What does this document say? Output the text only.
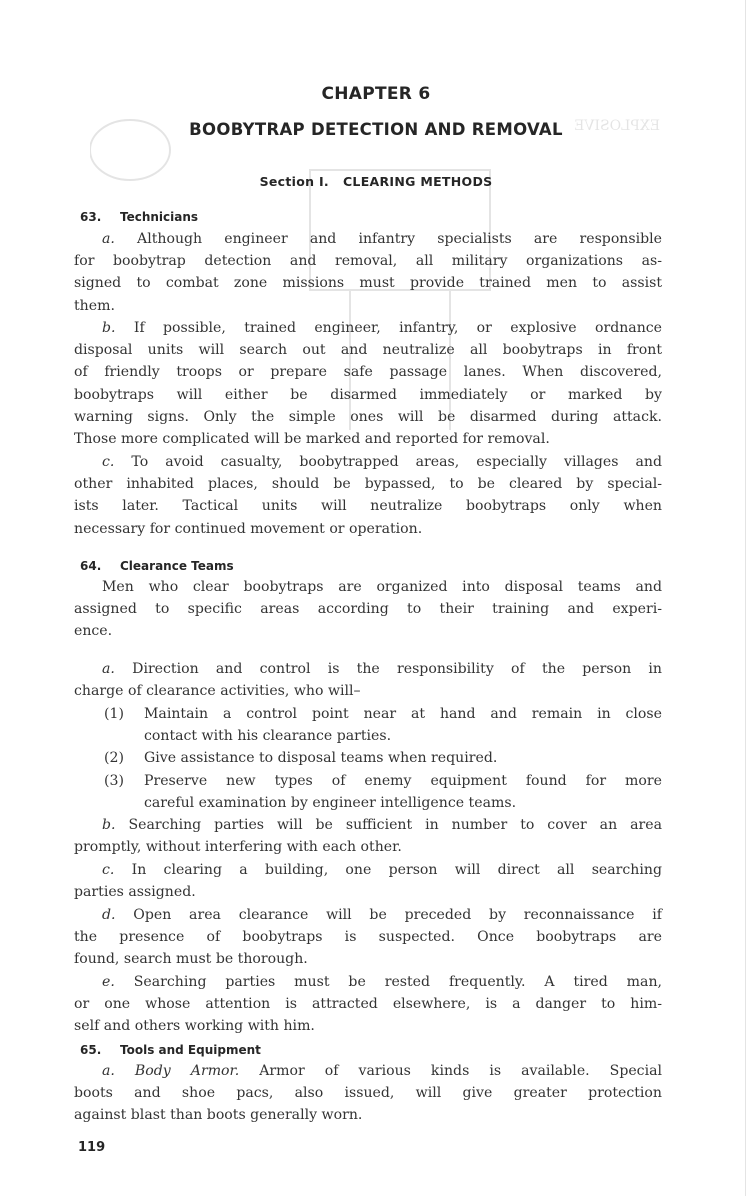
EXPLOSIVE
CHAPTER 6
BOOBYTRAP DETECTION AND REMOVAL
Section I. CLEARING METHODS
63. Technicians
a. Although engineer and infantry specialists are responsible
for boobytrap detection and removal, all military organizations as-
signed to combat zone missions must provide trained men to assist
them.
b. If possible, trained engineer, infantry, or explosive ordnance
disposal units will search out and neutralize all boobytraps in front
of friendly troops or prepare safe passage lanes. When discovered,
boobytraps will either be disarmed immediately or marked by
warning signs. Only the simple ones will be disarmed during attack.
Those more complicated will be marked and reported for removal.
c. To avoid casualty, boobytrapped areas, especially villages and
other inhabited places, should be bypassed, to be cleared by special-
ists later. Tactical units will neutralize boobytraps only when
necessary for continued movement or operation.
64. Clearance Teams
Men who clear boobytraps are organized into disposal teams and
assigned to specific areas according to their training and experi-
ence.
a. Direction and control is the responsibility of the person in
charge of clearance activities, who will–
(1) Maintain a control point near at hand and remain in close
contact with his clearance parties.
(2) Give assistance to disposal teams when required.
(3) Preserve new types of enemy equipment found for more
careful examination by engineer intelligence teams.
b. Searching parties will be sufficient in number to cover an area
promptly, without interfering with each other.
c. In clearing a building, one person will direct all searching
parties assigned.
d. Open area clearance will be preceded by reconnaissance if
the presence of boobytraps is suspected. Once boobytraps are
found, search must be thorough.
e. Searching parties must be rested frequently. A tired man,
or one whose attention is attracted elsewhere, is a danger to him-
self and others working with him.
65. Tools and Equipment
a. Body Armor. Armor of various kinds is available. Special
boots and shoe pacs, also issued, will give greater protection
against blast than boots generally worn.
119
